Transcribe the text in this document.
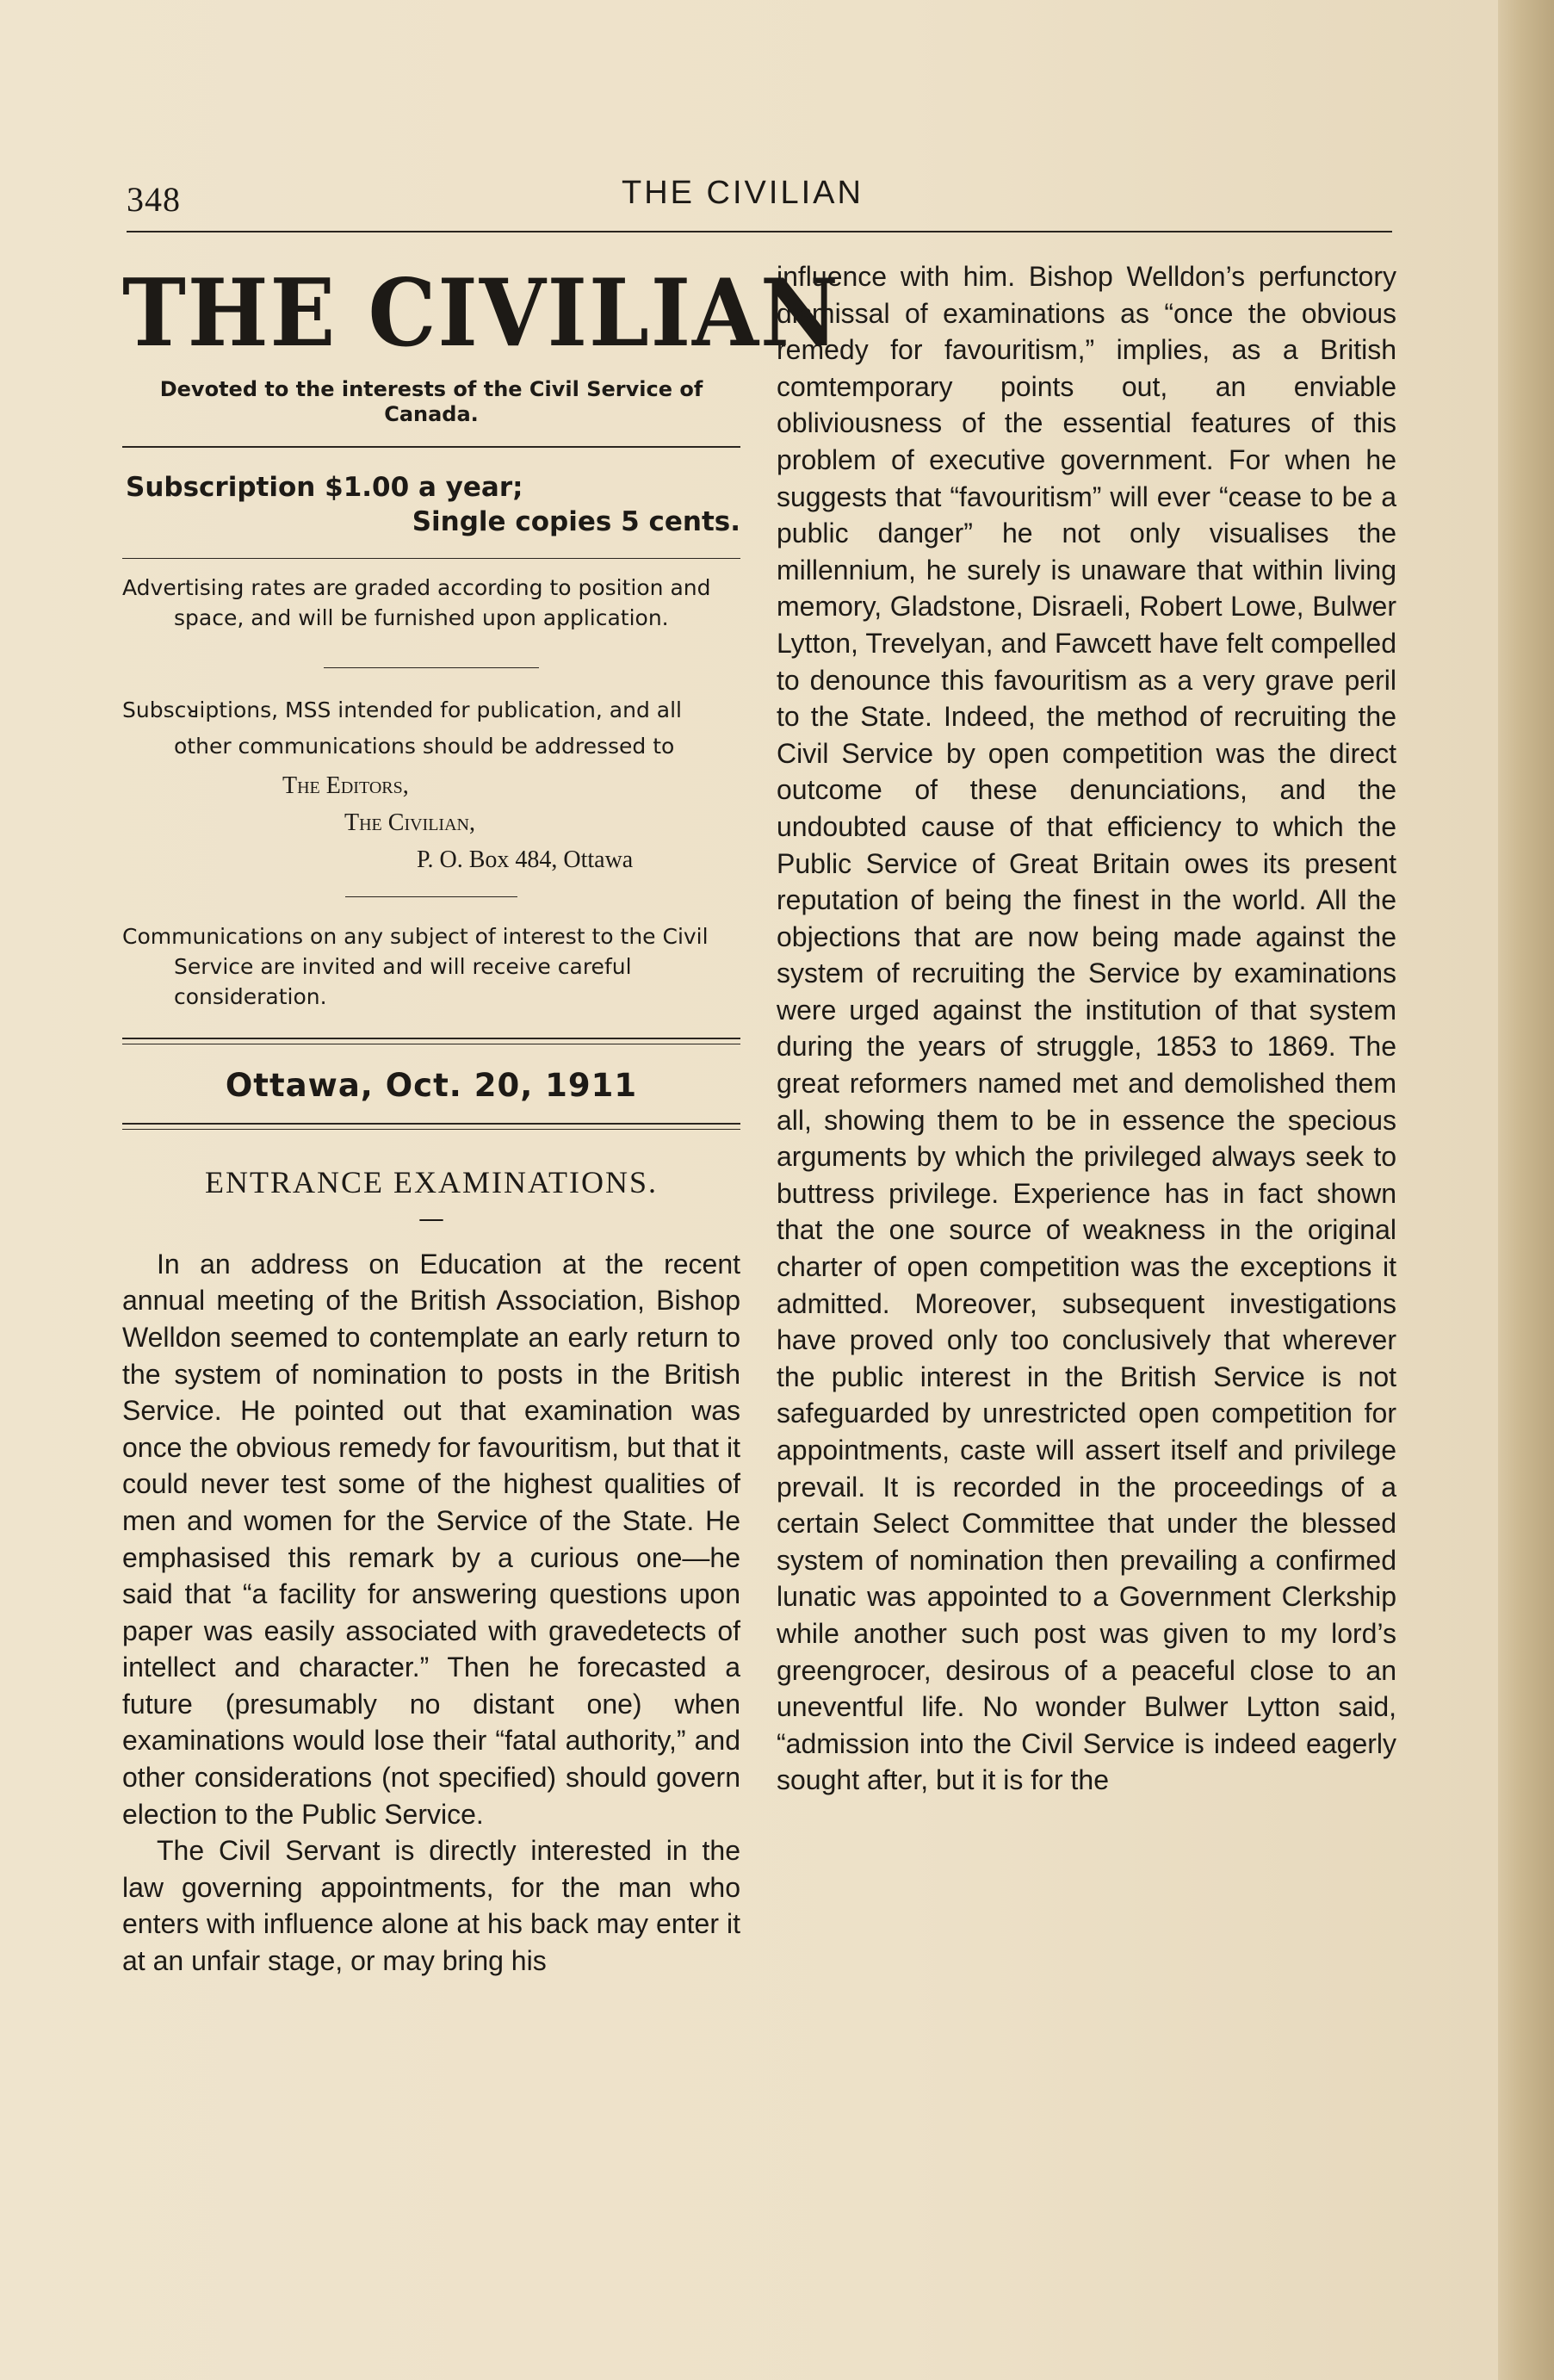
348	THE CIVILIAN
THE CIVILIAN
Devoted to the interests of the Civil Service of Canada.
Subscription $1.00 a year;
Single copies 5 cents.
Advertising rates are graded according to position and space, and will be furnished upon application.
Subscᴚiptions, MSS intended for publication, and all other communications should be addressed to
The Editors,
The Civilian,
P. O. Box 484, Ottawa
Communications on any subject of interest to the Civil Service are invited and will receive careful consideration.
Ottawa, Oct. 20, 1911
ENTRANCE EXAMINATIONS.
—

In an address on Education at the recent annual meeting of the British Association, Bishop Welldon seemed to contemplate an early return to the system of nomination to posts in the British Service. He pointed out that examination was once the obvious remedy for favouritism, but that it could never test some of the highest qualities of men and women for the Service of the State. He emphasised this remark by a curious one—he said that “a facility for answering questions upon paper was easily associated with gravedetects of intellect and character.” Then he forecasted a future (presumably no distant one) when examinations would lose their “fatal authority,” and other considerations (not specified) should govern election to the Public Service.

The Civil Servant is directly interested in the law governing appointments, for the man who enters with influence alone at his back may enter it at an unfair stage, or may bring his

influence with him. Bishop Welldon’s perfunctory dismissal of examinations as “once the obvious remedy for favouritism,” implies, as a British comtemporary points out, an enviable obliviousness of the essential features of this problem of executive government. For when he suggests that “favouritism” will ever “cease to be a public danger” he not only visualises the millennium, he surely is unaware that within living memory, Gladstone, Disraeli, Robert Lowe, Bulwer Lytton, Trevelyan, and Fawcett have felt compelled to denounce this favouritism as a very grave peril to the State. Indeed, the method of recruiting the Civil Service by open competition was the direct outcome of these denunciations, and the undoubted cause of that efficiency to which the Public Service of Great Britain owes its present reputation of being the finest in the world. All the objections that are now being made against the system of recruiting the Service by examinations were urged against the institution of that system during the years of struggle, 1853 to 1869. The great reformers named met and demolished them all, showing them to be in essence the specious arguments by which the privileged always seek to buttress privilege. Experience has in fact shown that the one source of weakness in the original charter of open competition was the exceptions it admitted. Moreover, subsequent investigations have proved only too conclusively that wherever the public interest in the British Service is not safeguarded by unrestricted open competition for appointments, caste will assert itself and privilege prevail. It is recorded in the proceedings of a certain Select Committee that under the blessed system of nomination then prevailing a confirmed lunatic was appointed to a Government Clerkship while another such post was given to my lord’s greengrocer, desirous of a peaceful close to an uneventful life. No wonder Bulwer Lytton said, “admission into the Civil Service is indeed eagerly sought after, but it is for the
